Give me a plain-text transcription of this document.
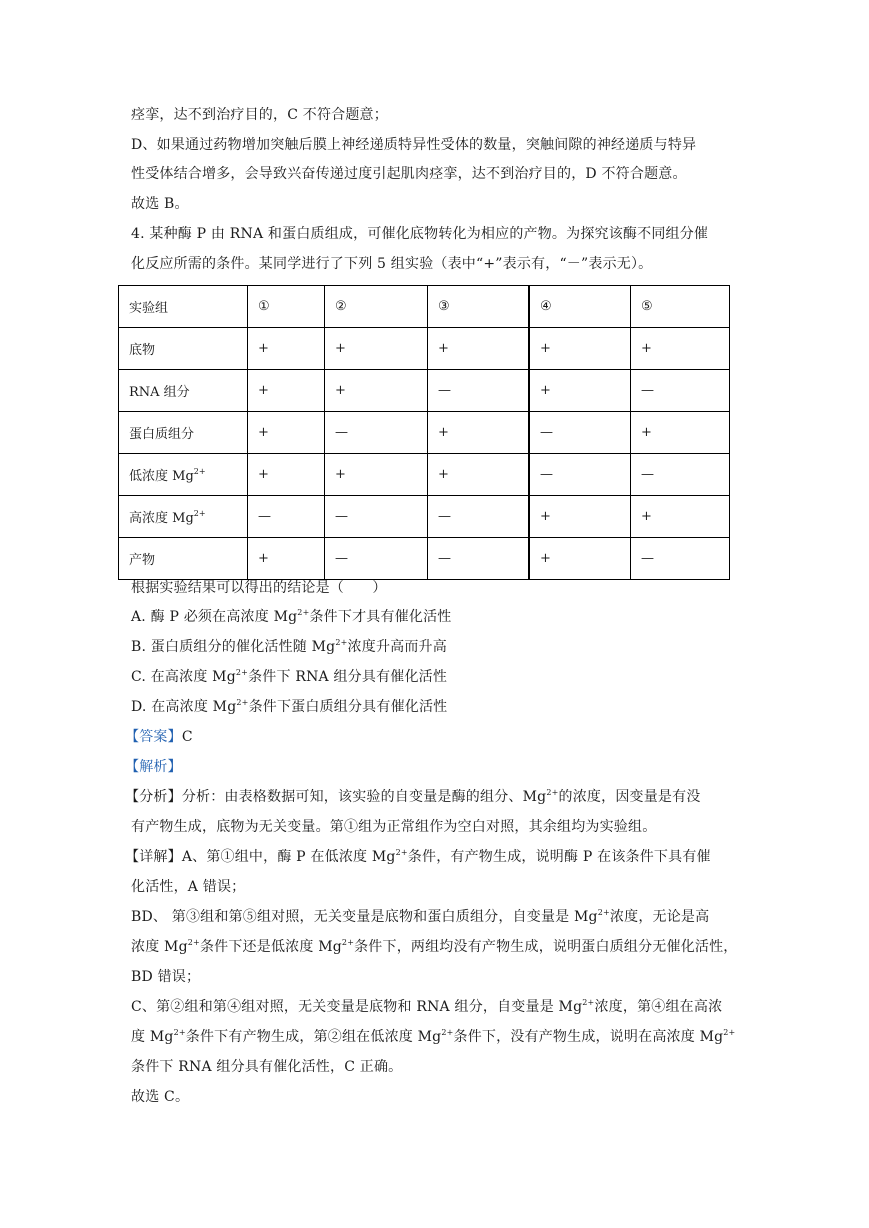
痉挛，达不到治疗目的，C 不符合题意；
D、如果通过药物增加突触后膜上神经递质特异性受体的数量，突触间隙的神经递质与特异
性受体结合增多，会导致兴奋传递过度引起肌肉痉挛，达不到治疗目的，D 不符合题意。
故选 B。
4. 某种酶 P 由 RNA 和蛋白质组成，可催化底物转化为相应的产物。为探究该酶不同组分催
化反应所需的条件。某同学进行了下列 5 组实验（表中“+”表示有，“－”表示无）。
实验组	①	②	③	④	⑤
底物	+	+	+	+	+
RNA 组分	+	+	—	+	—
蛋白质组分	+	—	+	—	+
低浓度 $Mg^{2+}$	+	+	+	—	—
高浓度 $Mg^{2+}$	—	—	—	+	+
产物	+	—	—	+	—
根据实验结果可以得出的结论是（　　）
A. 酶 P 必须在高浓度 $Mg^{2+}$条件下才具有催化活性
B. 蛋白质组分的催化活性随 $Mg^{2+}$浓度升高而升高
C. 在高浓度 $Mg^{2+}$条件下 RNA 组分具有催化活性
D. 在高浓度 $Mg^{2+}$条件下蛋白质组分具有催化活性
【答案】C
【解析】
【分析】分析：由表格数据可知，该实验的自变量是酶的组分、$Mg^{2+}$的浓度，因变量是有没
有产物生成，底物为无关变量。第①组为正常组作为空白对照，其余组均为实验组。
【详解】A、第①组中，酶 P 在低浓度 $Mg^{2+}$条件，有产物生成，说明酶 P 在该条件下具有催
化活性，A 错误；
BD、 第③组和第⑤组对照，无关变量是底物和蛋白质组分，自变量是 $Mg^{2+}$浓度，无论是高
浓度 $Mg^{2+}$条件下还是低浓度 $Mg^{2+}$条件下，两组均没有产物生成，说明蛋白质组分无催化活性，
BD 错误；
C、第②组和第④组对照，无关变量是底物和 RNA 组分，自变量是 $Mg^{2+}$浓度，第④组在高浓
度 $Mg^{2+}$条件下有产物生成，第②组在低浓度 $Mg^{2+}$条件下，没有产物生成，说明在高浓度 $Mg^{2+}$
条件下 RNA 组分具有催化活性，C 正确。
故选 C。
